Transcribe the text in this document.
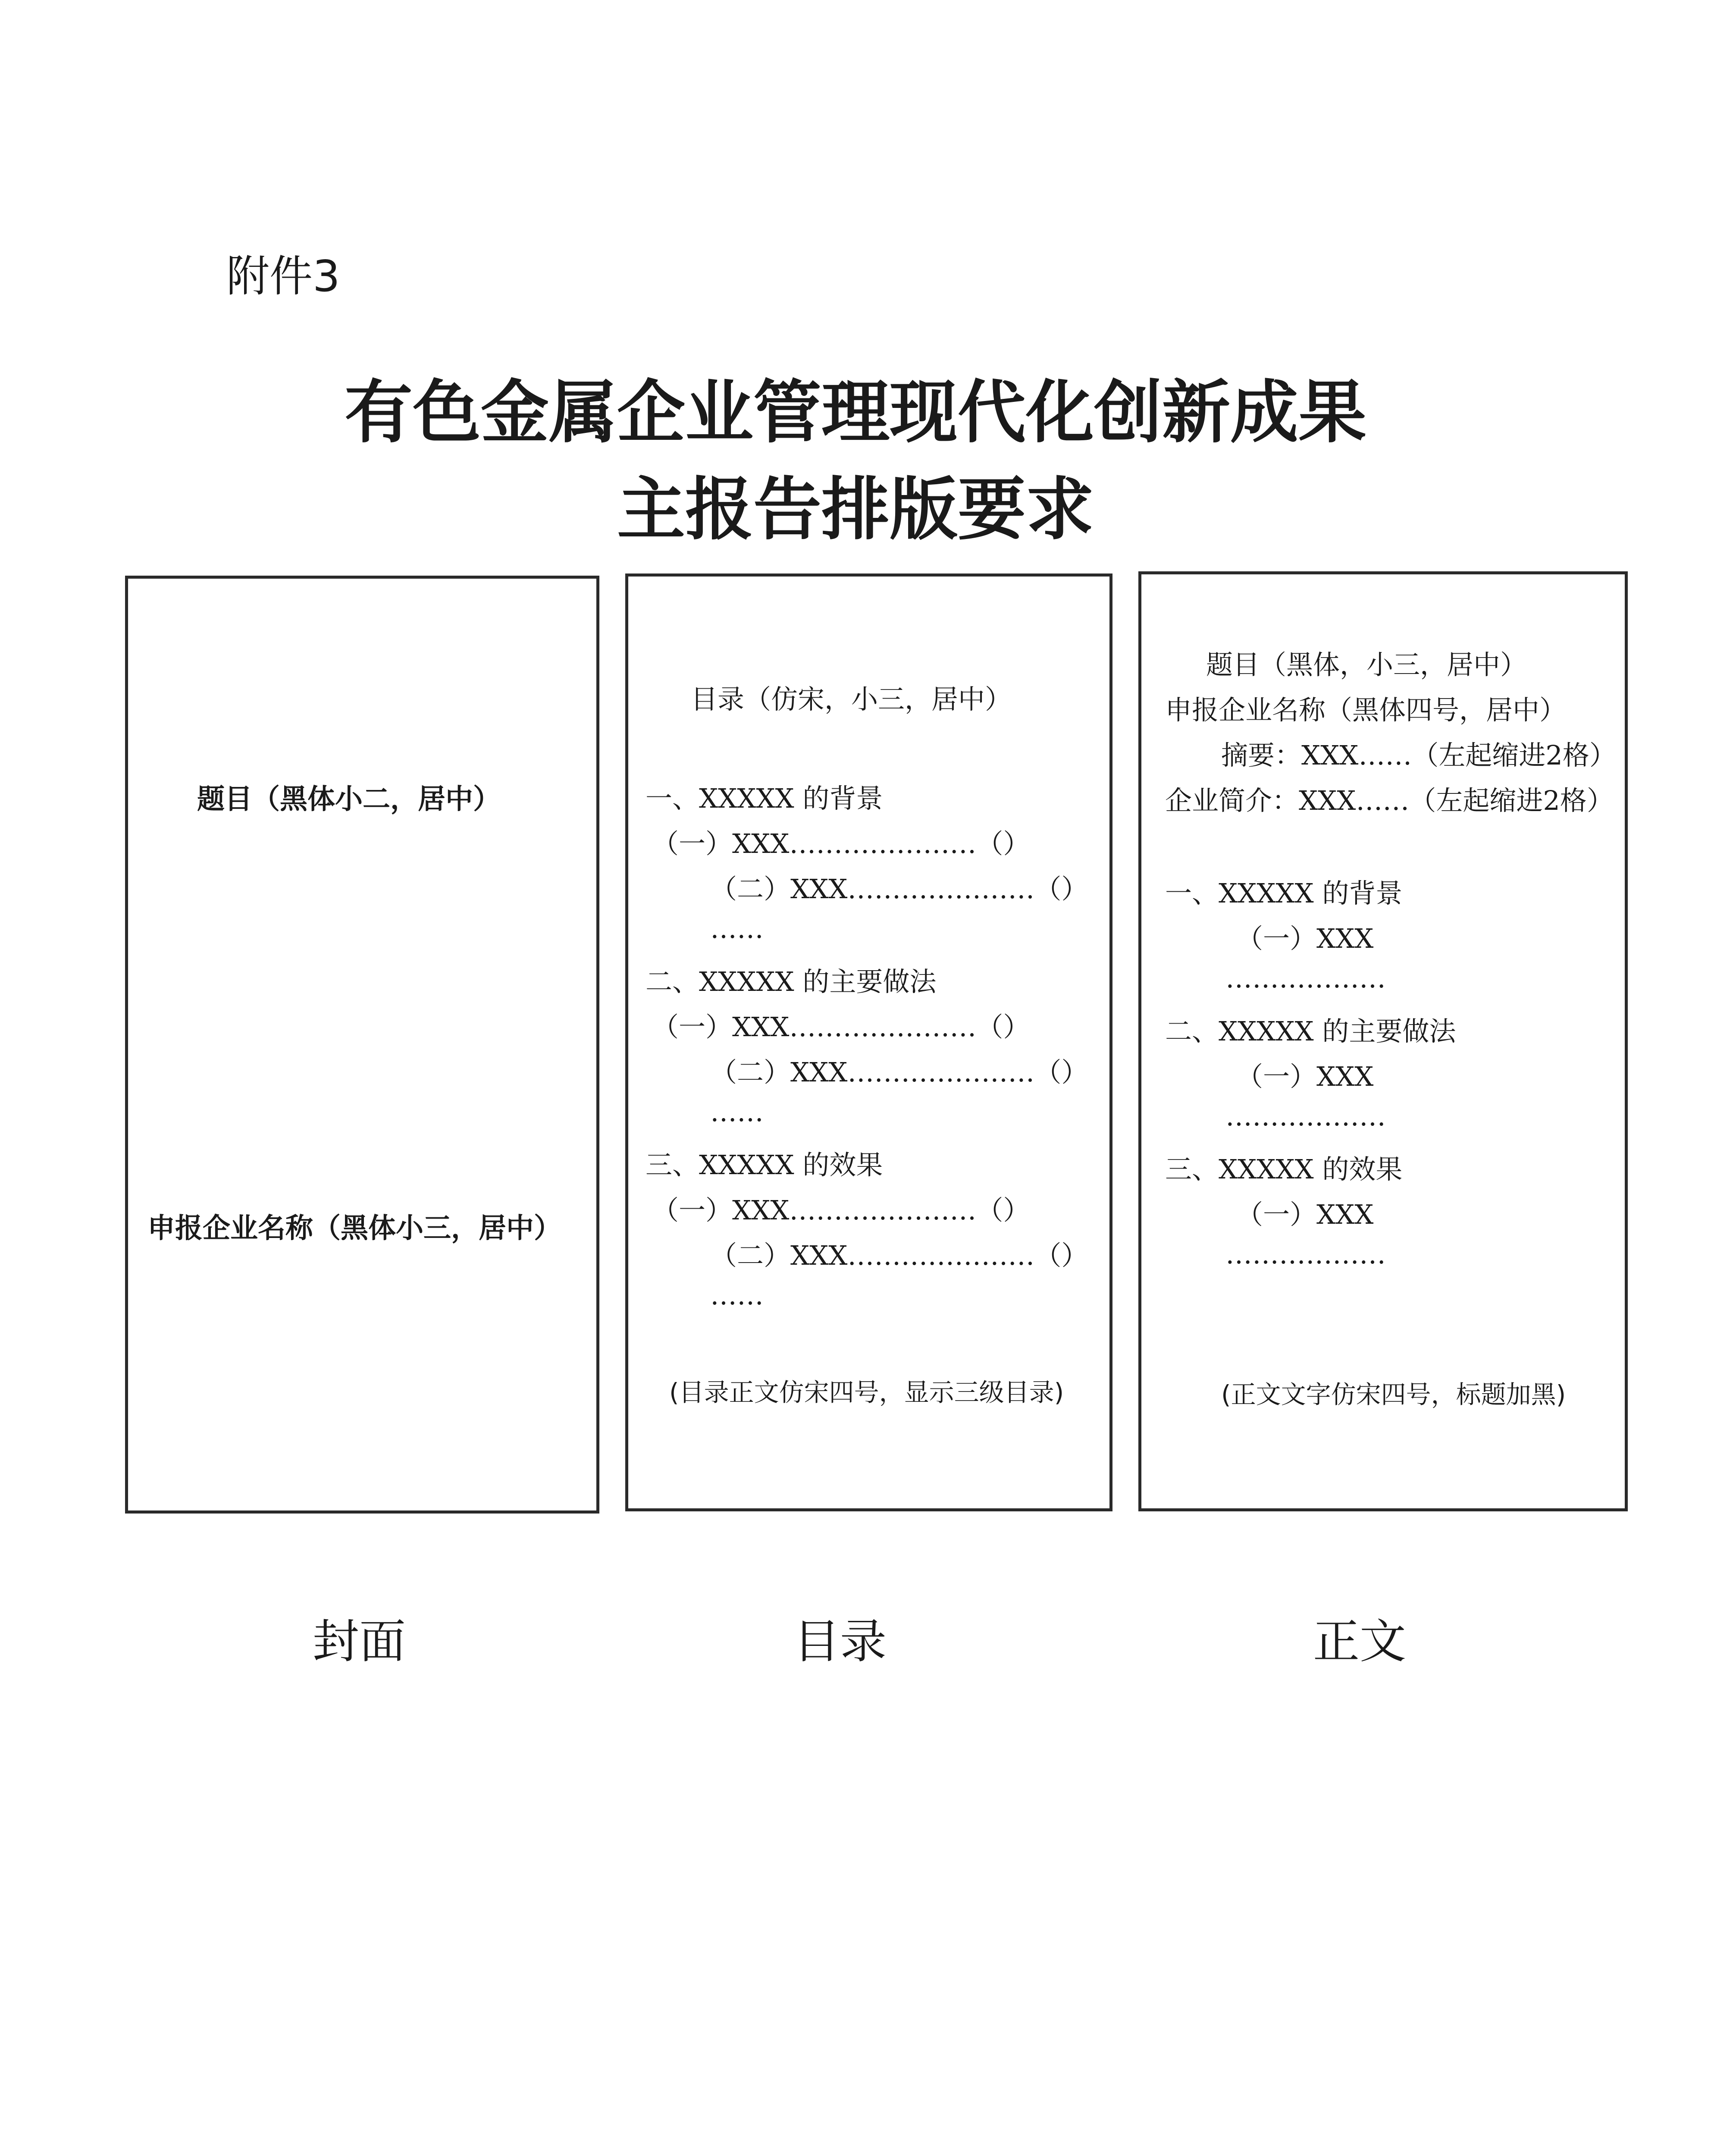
附件3
有色金属企业管理现代化创新成果
主报告排版要求
题目（黑体小二，居中）
申报企业名称（黑体小三，居中）
目录（仿宋，小三，居中）
一、XXXXX 的背景
（一）XXX…………………（）
（二）XXX…………………（）
……
二、XXXXX 的主要做法
（一）XXX…………………（）
（二）XXX…………………（）
……
三、XXXXX 的效果
（一）XXX…………………（）
（二）XXX…………………（）
……
(目录正文仿宋四号，显示三级目录)
题目（黑体，小三，居中）
申报企业名称（黑体四号，居中）
摘要：XXX……（左起缩进2格）
企业简介：XXX……（左起缩进2格）
一、XXXXX 的背景
（一）XXX
………………
二、XXXXX 的主要做法
（一）XXX
………………
三、XXXXX 的效果
（一）XXX
………………
(正文文字仿宋四号，标题加黑)
封面	目录	正文
